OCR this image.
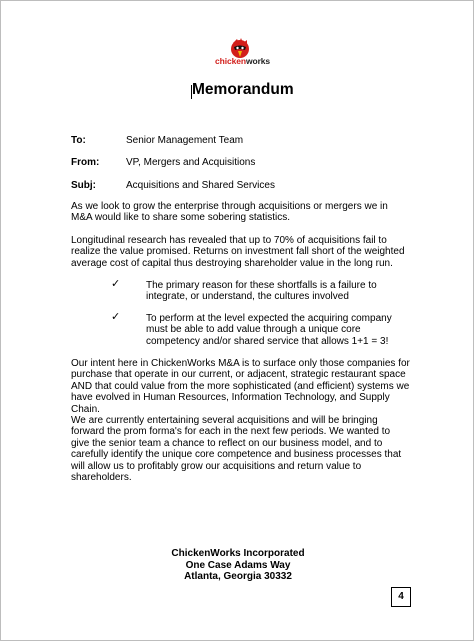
chickenworks
Memorandum
To:	Senior Management Team
From:	VP, Mergers and Acquisitions
Subj:	Acquisitions and Shared Services

As we look to grow the enterprise through acquisitions or mergers we in M&A would like to share some sobering statistics.

Longitudinal research has revealed that up to 70% of acquisitions fail to realize the value promised. Returns on investment fall short of the weighted average cost of capital thus destroying shareholder value in the long run.

✓	The primary reason for these shortfalls is a failure to integrate, or understand, the cultures involved
✓	To perform at the level expected the acquiring company must be able to add value through a unique core competency and/or shared service that allows 1+1 = 3!

Our intent here in ChickenWorks M&A is to surface only those companies for purchase that operate in our current, or adjacent, strategic restaurant space AND that could value from the more sophisticated (and efficient) systems we have evolved in Human Resources, Information Technology, and Supply Chain.

We are currently entertaining several acquisitions and will be bringing forward the prom forma's for each in the next few periods. We wanted to give the senior team a chance to reflect on our business model, and to carefully identify the unique core competence and business processes that will allow us to profitably grow our acquisitions and return value to shareholders.

ChickenWorks Incorporated
One Case Adams Way
Atlanta, Georgia 30332
4
